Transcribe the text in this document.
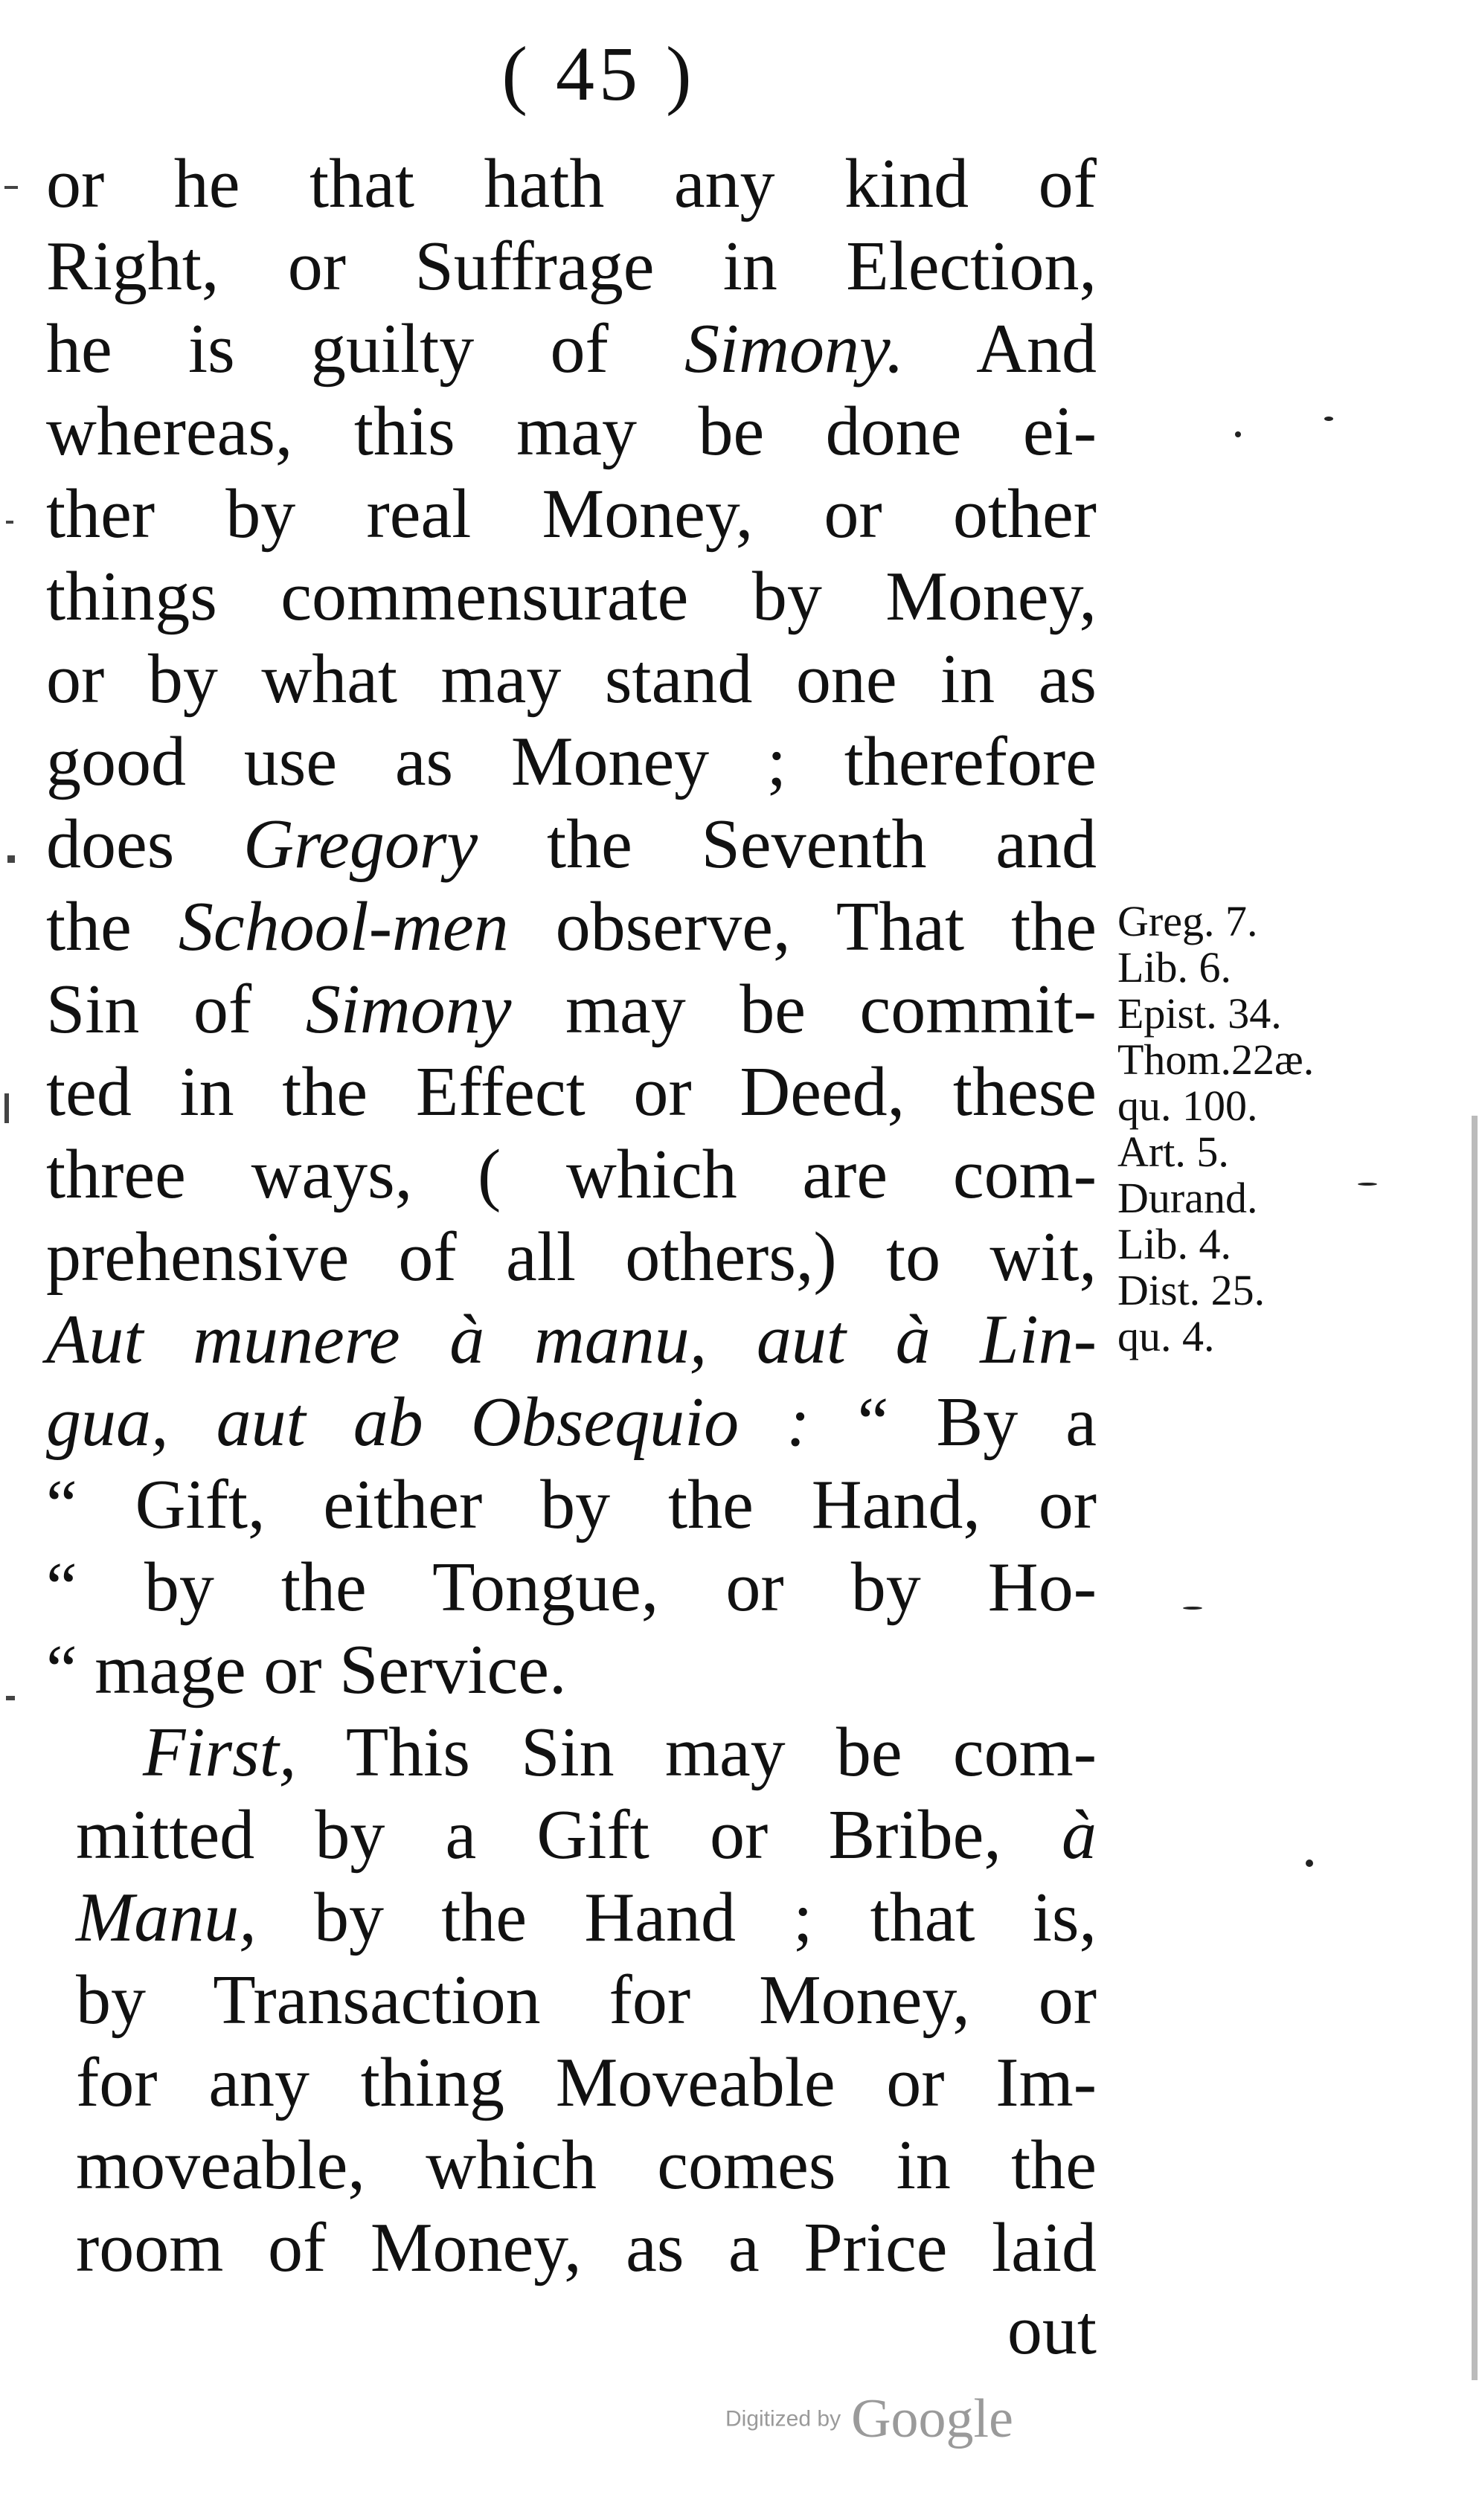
( 45 )
or he that hath any kind of
Right, or Suffrage in Election,
he is guilty of Simony. And
whereas, this may be done ei-
ther by real Money, or other
things commensurate by Money,
or by what may stand one in as
good use as Money ; therefore
does Gregory the Seventh and
the School-men observe, That the
Sin of Simony may be commit-
ted in the Effect or Deed, these
three ways, ( which are com-
prehensive of all others,) to wit,
Aut munere à manu, aut à Lin-
gua, aut ab Obsequio : “ By a
“ Gift, either by the Hand, or
“ by the Tongue, or by Ho-
“ mage or Service.
First, This Sin may be com-
mitted by a Gift or Bribe, à
Manu, by the Hand ; that is,
by Transaction for Money, or
for any thing Moveable or Im-
moveable, which comes in the
room of Money, as a Price laid
out
Greg. 7.
Lib. 6.
Epist. 34.
Thom.22æ.
qu. 100.
Art. 5.
Durand.
Lib. 4.
Dist. 25.
qu. 4.
Digitized by Google
